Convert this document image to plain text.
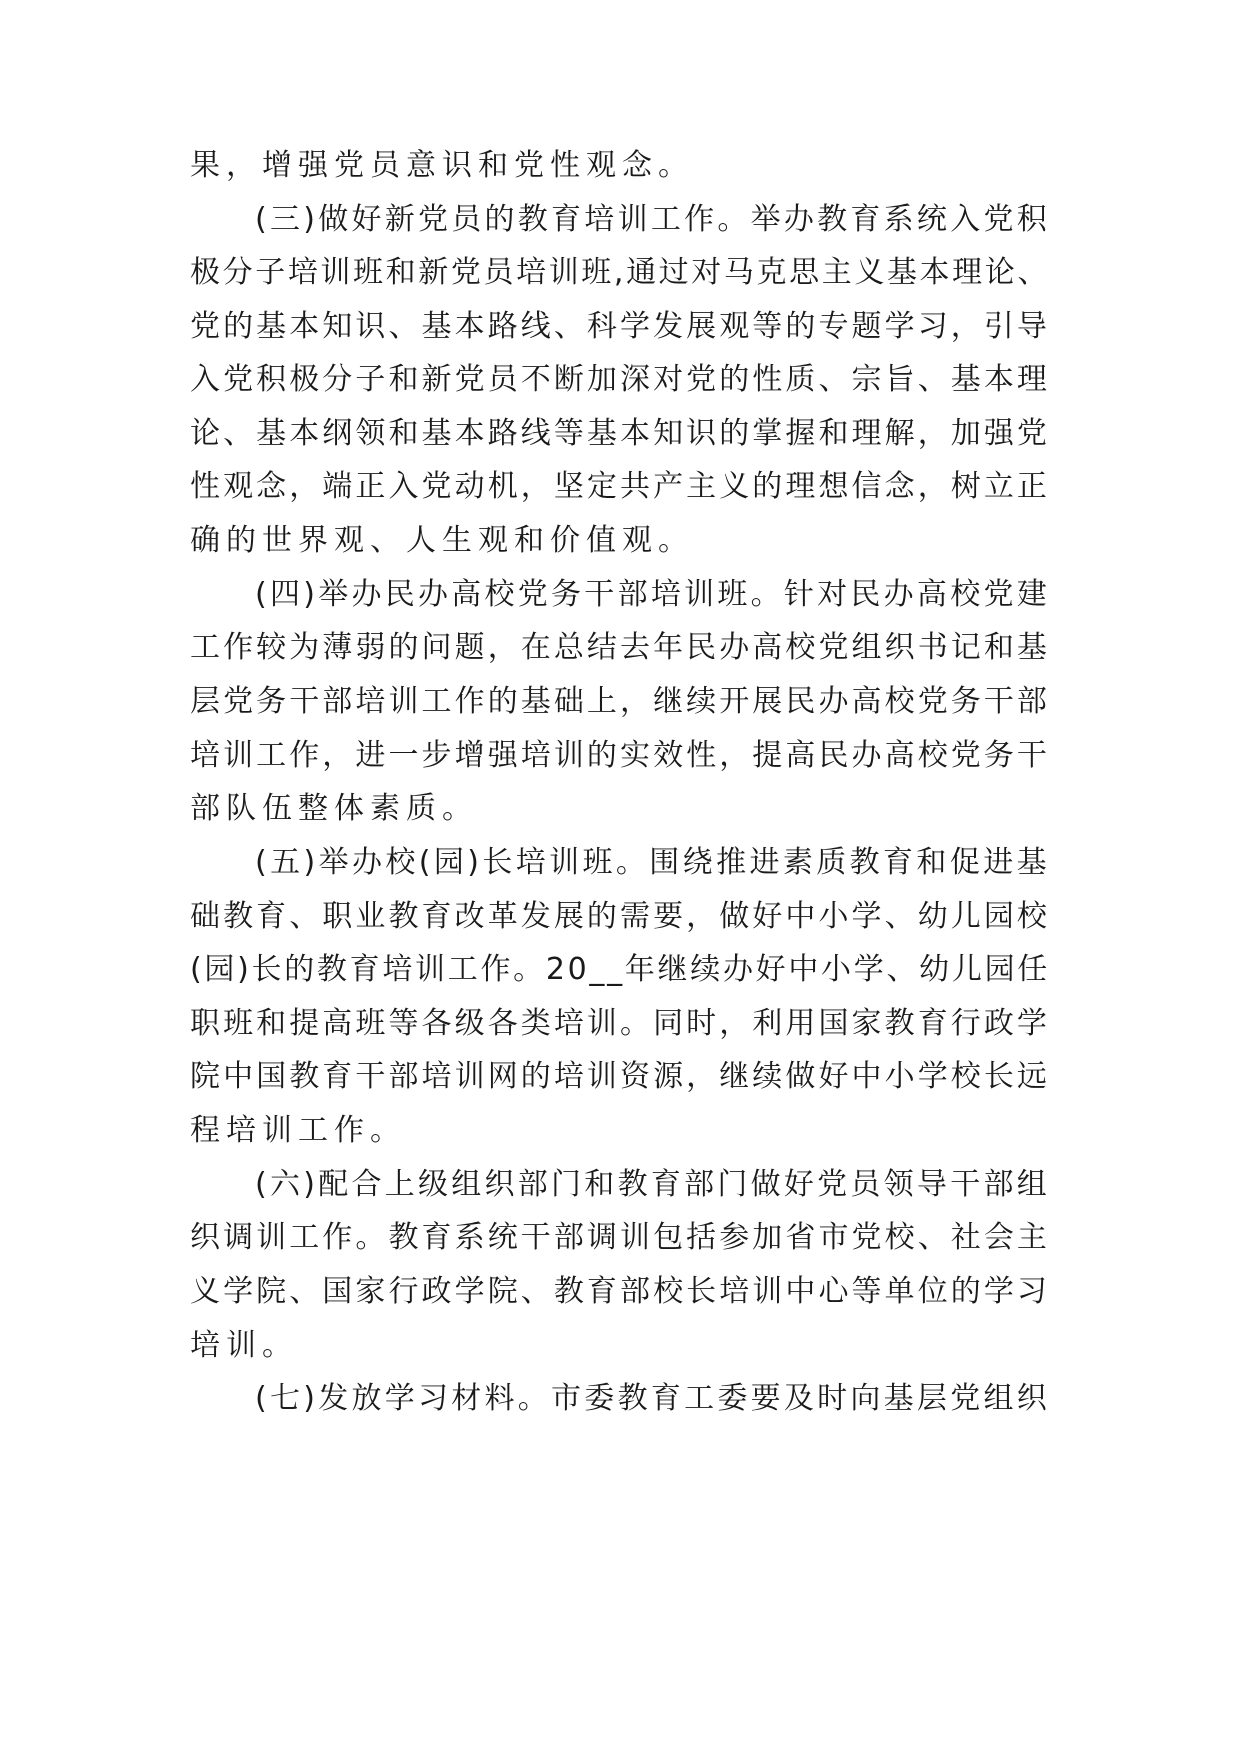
果，增强党员意识和党性观念。
(三)做好新党员的教育培训工作。举办教育系统入党积
极分子培训班和新党员培训班,通过对马克思主义基本理论、
党的基本知识、基本路线、科学发展观等的专题学习，引导
入党积极分子和新党员不断加深对党的性质、宗旨、基本理
论、基本纲领和基本路线等基本知识的掌握和理解，加强党
性观念，端正入党动机，坚定共产主义的理想信念，树立正
确的世界观、人生观和价值观。
(四)举办民办高校党务干部培训班。针对民办高校党建
工作较为薄弱的问题，在总结去年民办高校党组织书记和基
层党务干部培训工作的基础上，继续开展民办高校党务干部
培训工作，进一步增强培训的实效性，提高民办高校党务干
部队伍整体素质。
(五)举办校(园)长培训班。围绕推进素质教育和促进基
础教育、职业教育改革发展的需要，做好中小学、幼儿园校
(园)长的教育培训工作。20__年继续办好中小学、幼儿园任
职班和提高班等各级各类培训。同时，利用国家教育行政学
院中国教育干部培训网的培训资源，继续做好中小学校长远
程培训工作。
(六)配合上级组织部门和教育部门做好党员领导干部组
织调训工作。教育系统干部调训包括参加省市党校、社会主
义学院、国家行政学院、教育部校长培训中心等单位的学习
培训。
(七)发放学习材料。市委教育工委要及时向基层党组织
